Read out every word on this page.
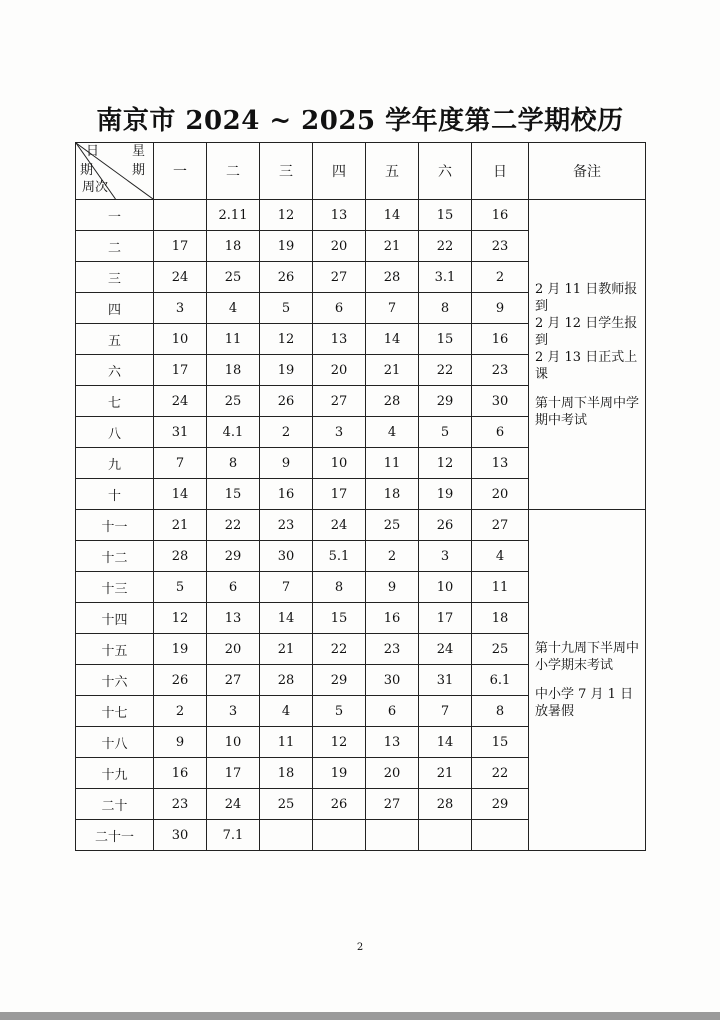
南京市 2024 ~ 2025 学年度第二学期校历
日 星
期 期
周次	一	二	三	四	五	六	日	备注	
一		2.11	12	13	14	15	16	2 月 11 日教师报到
2 月 12 日学生报到
2 月 13 日正式上课

第十周下半周中学期中考试	

二	17	18	19	20	21	22	23		
三	24	25	26	27	28	3.1	2		
四	3	4	5	6	7	8	9		
五	10	11	12	13	14	15	16		
六	17	18	19	20	21	22	23		
七	24	25	26	27	28	29	30		
八	31	4.1	2	3	4	5	6		
九	7	8	9	10	11	12	13		
十	14	15	16	17	18	19	20		
十一	21	22	23	24	25	26	27	第十九周下半周中小学期末考试

中小学 7 月 1 日放暑假	

十二	28	29	30	5.1	2	3	4		
十三	5	6	7	8	9	10	11		
十四	12	13	14	15	16	17	18		
十五	19	20	21	22	23	24	25		
十六	26	27	28	29	30	31	6.1		
十七	2	3	4	5	6	7	8		
十八	9	10	11	12	13	14	15		
十九	16	17	18	19	20	21	22		
二十	23	24	25	26	27	28	29		
二十一	30	7.1							
2
